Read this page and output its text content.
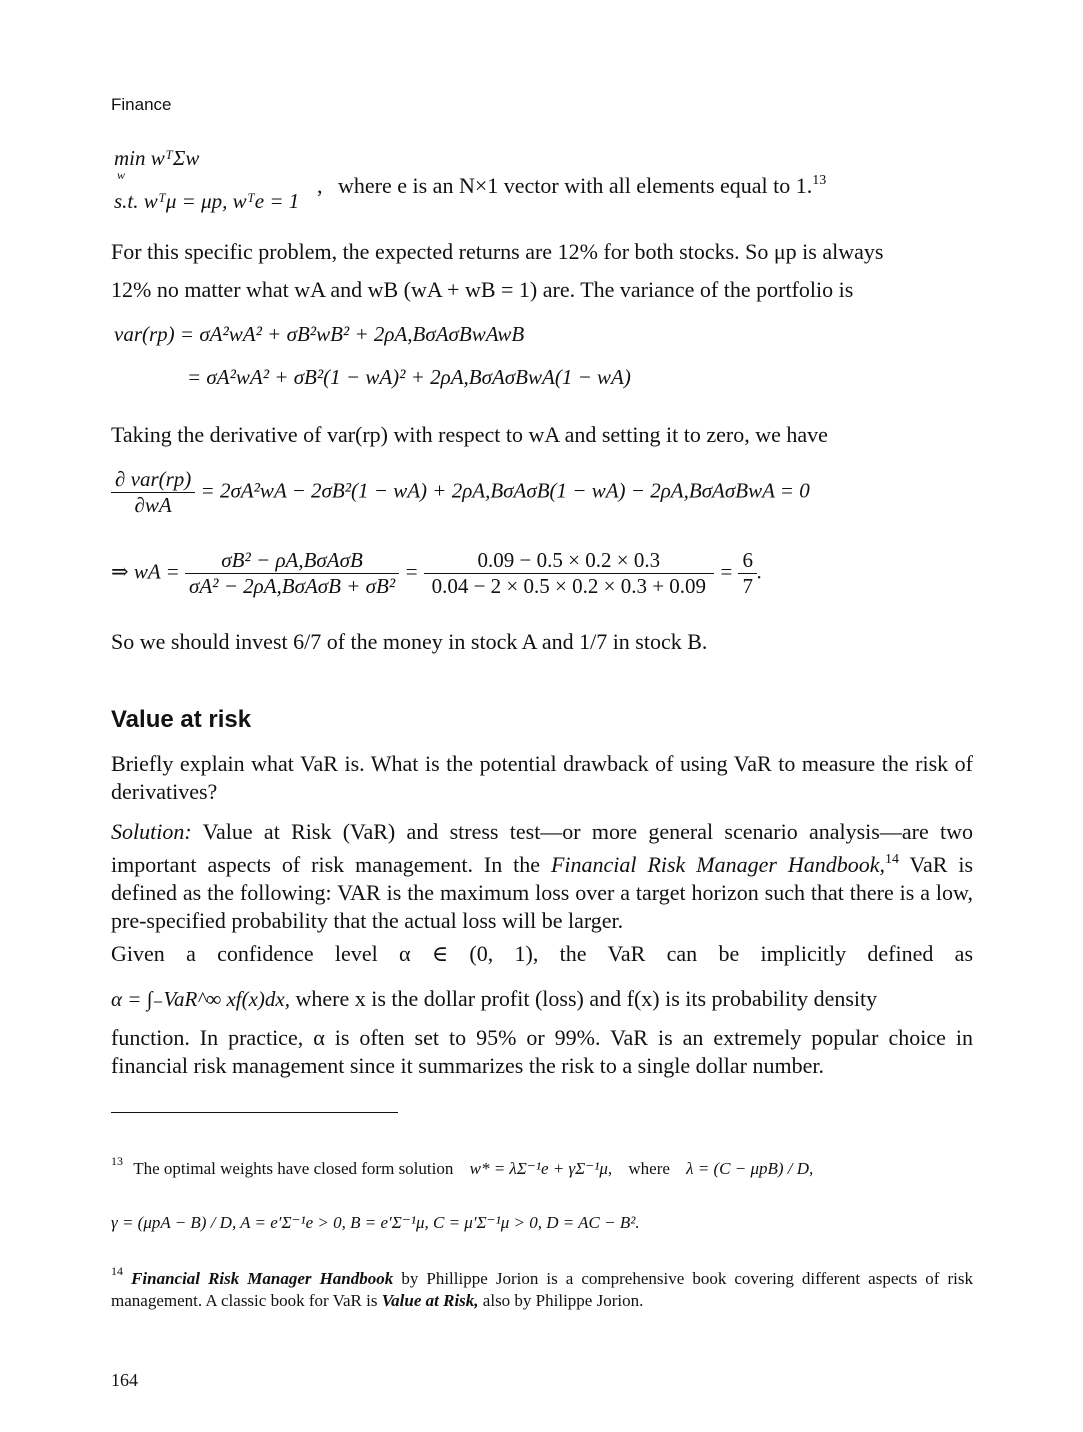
Finance
min wᵀΣw
w
s.t. wᵀμ = μp, wᵀe = 1
, where e is an N×1 vector with all elements equal to 1.13
For this specific problem, the expected returns are 12% for both stocks. So μp is always
12% no matter what wA and wB (wA + wB = 1) are. The variance of the portfolio is
var(rp) = σA²wA² + σB²wB² + 2ρA,BσAσBwAwB
= σA²wA² + σB²(1 − wA)² + 2ρA,BσAσBwA(1 − wA)
Taking the derivative of var(rp) with respect to wA and setting it to zero, we have
$\frac{\text{∂ var(rp)}}{\partial wA} = 2\sigma A^2wA - 2\sigma B^2(1 - wA) + 2\rho A,B\sigma A\sigma B(1 - wA) - 2\rho A,B\sigma A\sigma BwA = 0$
⇒ wA = $\frac{\text{σB² − ρA,BσAσB}}{\text{σA² − 2ρA,BσAσB + σB²}} = \frac{0.09 - 0.5 \times 0.2 \times 0.3}{0.04 - 2 \times 0.5 \times 0.2 \times 0.3 + 0.09} = \frac{6}{7}$ .
So we should invest 6/7 of the money in stock A and 1/7 in stock B.
Value at risk
Briefly explain what VaR is. What is the potential drawback of using VaR to measure the risk of derivatives?
Solution: Value at Risk (VaR) and stress test—or more general scenario analysis—are two important aspects of risk management. In the Financial Risk Manager Handbook,$^{14}$ VaR is defined as the following: VAR is the maximum loss over a target horizon such that there is a low, pre-specified probability that the actual loss will be larger.
Given a confidence level α ∈ (0, 1), the VaR can be implicitly defined as
α = ∫₋VaR^∞ xf(x)dx, where x is the dollar profit (loss) and f(x) is its probability density
function. In practice, α is often set to 95% or 99%. VaR is an extremely popular choice in financial risk management since it summarizes the risk to a single dollar number.
$^{13}$ The optimal weights have closed form solution w* = λΣ⁻¹e + γΣ⁻¹μ, where λ = (C − μpB) / D,
γ = (μpA − B) / D, A = e′Σ⁻¹e > 0, B = e′Σ⁻¹μ, C = μ′Σ⁻¹μ > 0, D = AC − B².
$^{14}$ Financial Risk Manager Handbook by Phillippe Jorion is a comprehensive book covering different aspects of risk management. A classic book for VaR is Value at Risk, also by Philippe Jorion.
164
